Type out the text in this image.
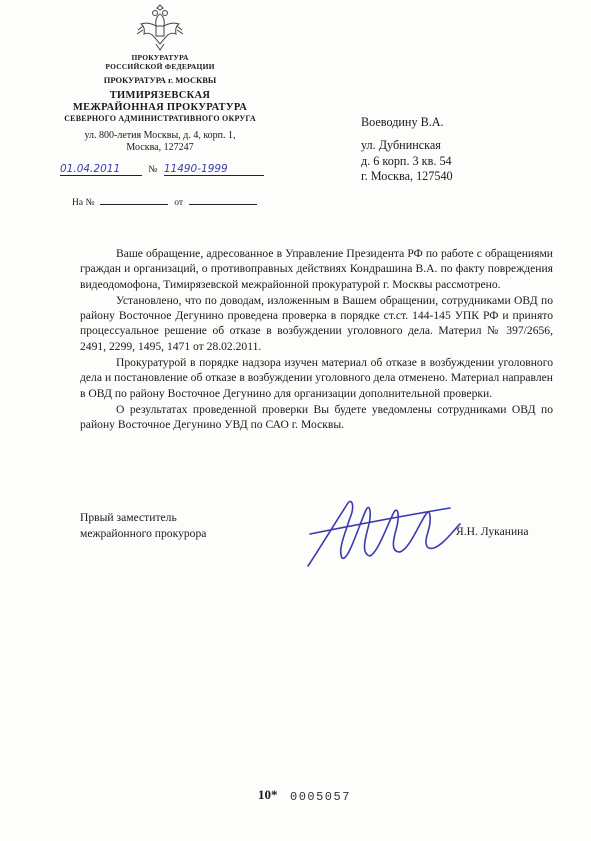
ПРОКУРАТУРА
РОССИЙСКОЙ ФЕДЕРАЦИИ
ПРОКУРАТУРА г. МОСКВЫ
ТИМИРЯЗЕВСКАЯ
МЕЖРАЙОННАЯ ПРОКУРАТУРА
СЕВЕРНОГО АДМИНИСТРАТИВНОГО ОКРУГА
ул. 800-летия Москвы, д. 4, корп. 1,
Москва, 127247
01.04.2011	№ 11490-1999
На №	от
Воеводину В.А.
ул. Дубнинская
д. 6 корп. 3 кв. 54
г. Москва, 127540

Ваше обращение, адресованное в Управление Президента РФ по работе с обращениями граждан и организаций, о противоправных действиях Кондрашина В.А. по факту повреждения видеодомофона, Тимирязевской межрайонной прокуратурой г. Москвы рассмотрено.

Установлено, что по доводам, изложенным в Вашем обращении, сотрудниками ОВД по району Восточное Дегунино проведена проверка в порядке ст.ст. 144-145 УПК РФ и принято процессуальное решение об отказе в возбуждении уголовного дела. Материл № 397/2656, 2491, 2299, 1495, 1471 от 28.02.2011.

Прокуратурой в порядке надзора изучен материал об отказе в возбуждении уголовного дела и постановление об отказе в возбуждении уголовного дела отменено. Материал направлен в ОВД по району Восточное Дегунино для организации дополнительной проверки.

О результатах проведенной проверки Вы будете уведомлены сотрудниками ОВД по району Восточное Дегунино УВД по САО г. Москвы.

Првый заместитель
межрайонного прокурора	Я.Н. Луканина
10* 0005057
